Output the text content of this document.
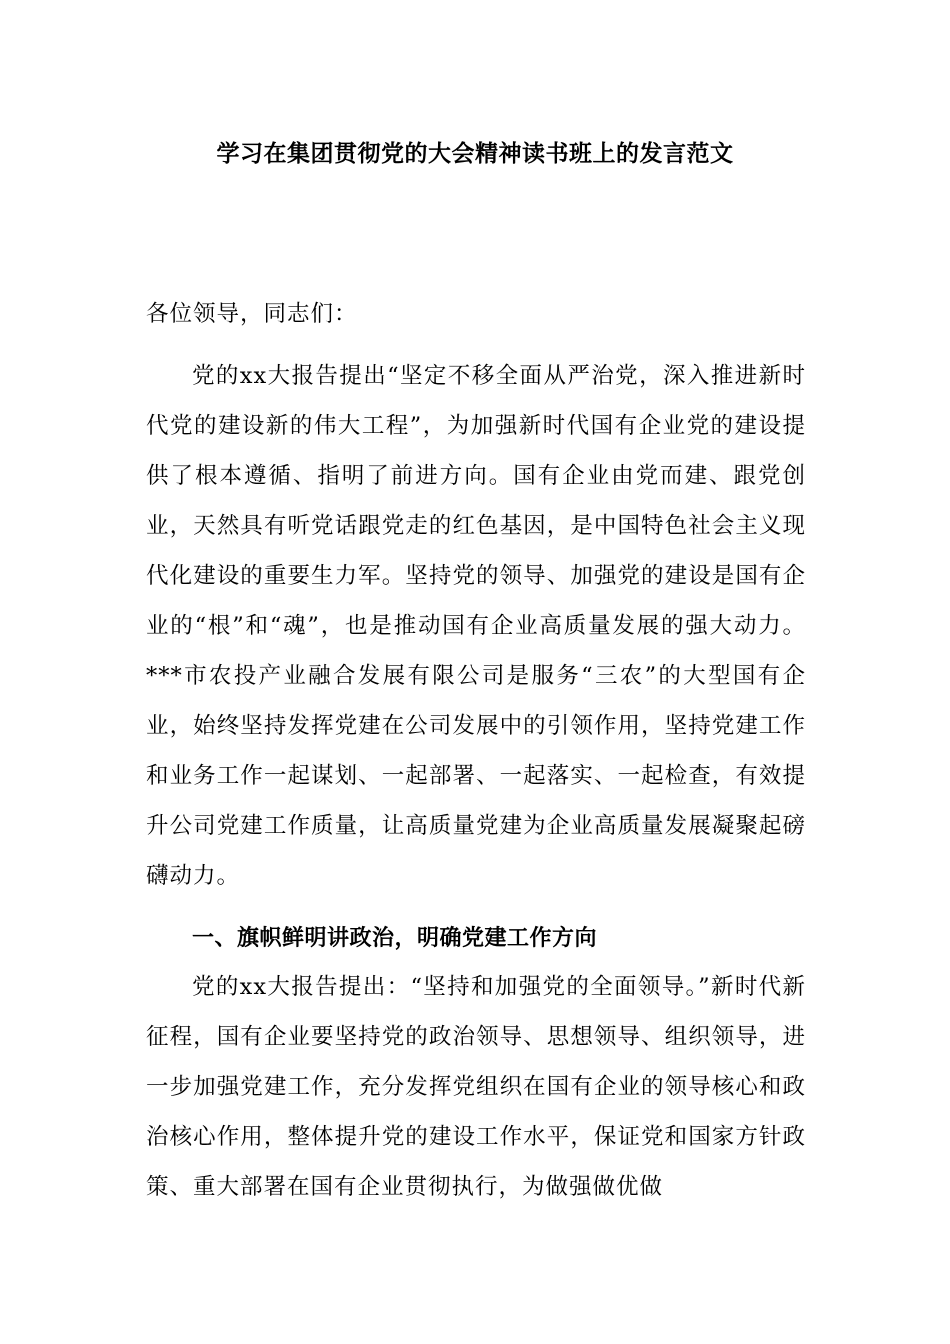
学习在集团贯彻党的大会精神读书班上的发言范文

各位领导，同志们：

党的xx大报告提出“坚定不移全面从严治党，深入推进新时代党的建设新的伟大工程”，为加强新时代国有企业党的建设提供了根本遵循、指明了前进方向。国有企业由党而建、跟党创业，天然具有听党话跟党走的红色基因，是中国特色社会主义现代化建设的重要生力军。坚持党的领导、加强党的建设是国有企业的“根”和“魂”，也是推动国有企业高质量发展的强大动力。***市农投产业融合发展有限公司是服务“三农”的大型国有企业，始终坚持发挥党建在公司发展中的引领作用，坚持党建工作和业务工作一起谋划、一起部署、一起落实、一起检查，有效提升公司党建工作质量，让高质量党建为企业高质量发展凝聚起磅礴动力。

一、旗帜鲜明讲政治，明确党建工作方向

党的xx大报告提出：“坚持和加强党的全面领导。”新时代新征程，国有企业要坚持党的政治领导、思想领导、组织领导，进一步加强党建工作，充分发挥党组织在国有企业的领导核心和政治核心作用，整体提升党的建设工作水平，保证党和国家方针政策、重大部署在国有企业贯彻执行，为做强做优做
